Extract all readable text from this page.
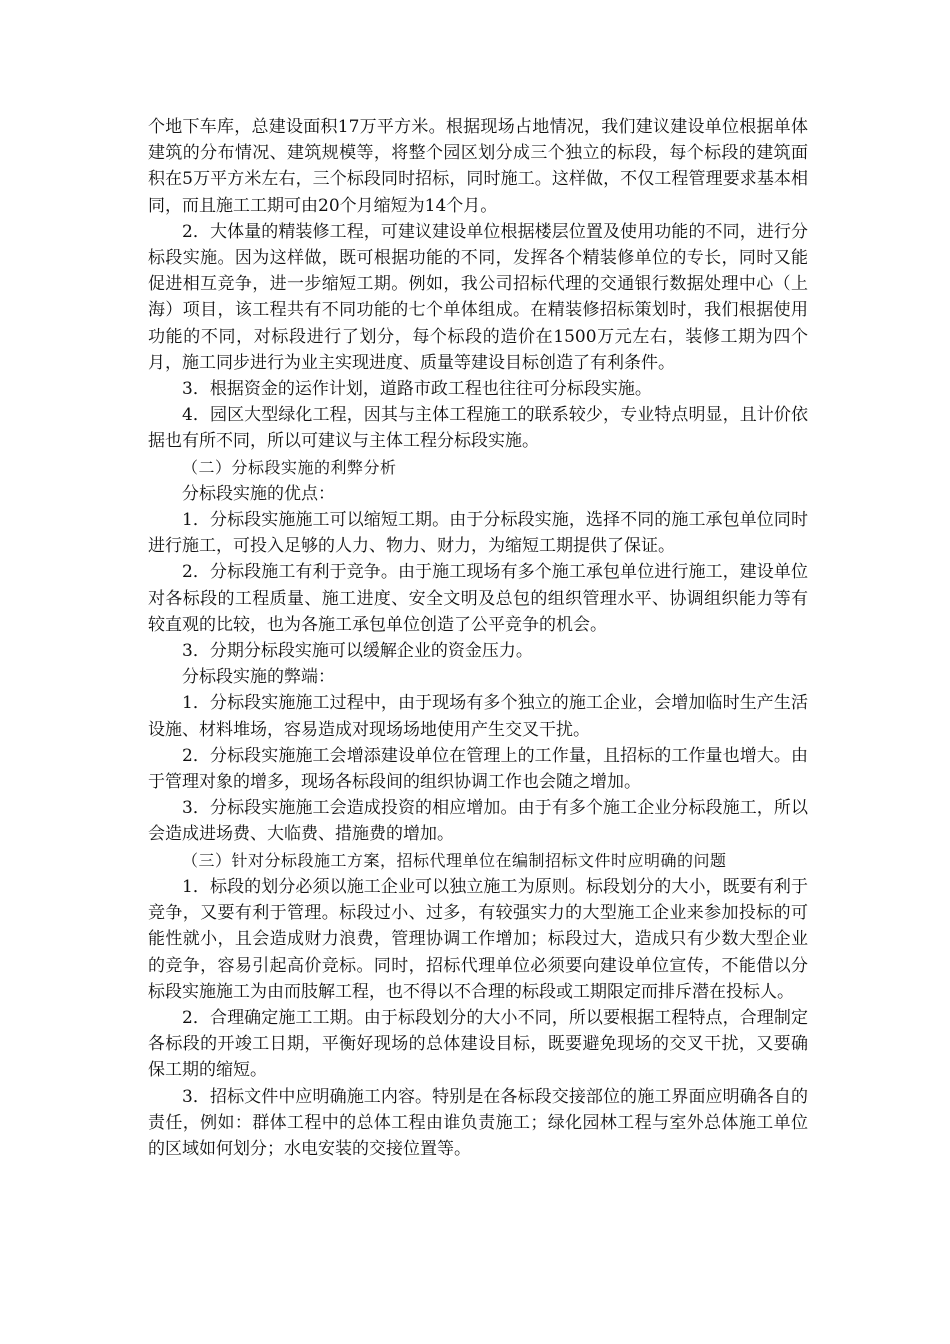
个地下车库，总建设面积17万平方米。根据现场占地情况，我们建议建设单位根据单体建筑的分布情况、建筑规模等，将整个园区划分成三个独立的标段，每个标段的建筑面积在5万平方米左右，三个标段同时招标，同时施工。这样做，不仅工程管理要求基本相同，而且施工工期可由20个月缩短为14个月。

2．大体量的精装修工程，可建议建设单位根据楼层位置及使用功能的不同，进行分标段实施。因为这样做，既可根据功能的不同，发挥各个精装修单位的专长，同时又能促进相互竞争，进一步缩短工期。例如，我公司招标代理的交通银行数据处理中心（上海）项目，该工程共有不同功能的七个单体组成。在精装修招标策划时，我们根据使用功能的不同，对标段进行了划分，每个标段的造价在1500万元左右，装修工期为四个月，施工同步进行为业主实现进度、质量等建设目标创造了有利条件。

3．根据资金的运作计划，道路市政工程也往往可分标段实施。

4．园区大型绿化工程，因其与主体工程施工的联系较少，专业特点明显，且计价依据也有所不同，所以可建议与主体工程分标段实施。

（二）分标段实施的利弊分析

分标段实施的优点：

1．分标段实施施工可以缩短工期。由于分标段实施，选择不同的施工承包单位同时进行施工，可投入足够的人力、物力、财力，为缩短工期提供了保证。

2．分标段施工有利于竞争。由于施工现场有多个施工承包单位进行施工，建设单位对各标段的工程质量、施工进度、安全文明及总包的组织管理水平、协调组织能力等有较直观的比较，也为各施工承包单位创造了公平竞争的机会。

3．分期分标段实施可以缓解企业的资金压力。

分标段实施的弊端：

1．分标段实施施工过程中，由于现场有多个独立的施工企业，会增加临时生产生活设施、材料堆场，容易造成对现场场地使用产生交叉干扰。

2．分标段实施施工会增添建设单位在管理上的工作量，且招标的工作量也增大。由于管理对象的增多，现场各标段间的组织协调工作也会随之增加。

3．分标段实施施工会造成投资的相应增加。由于有多个施工企业分标段施工，所以会造成进场费、大临费、措施费的增加。

（三）针对分标段施工方案，招标代理单位在编制招标文件时应明确的问题

1．标段的划分必须以施工企业可以独立施工为原则。标段划分的大小，既要有利于竞争，又要有利于管理。标段过小、过多，有较强实力的大型施工企业来参加投标的可能性就小，且会造成财力浪费，管理协调工作增加；标段过大，造成只有少数大型企业的竞争，容易引起高价竞标。同时，招标代理单位必须要向建设单位宣传，不能借以分标段实施施工为由而肢解工程，也不得以不合理的标段或工期限定而排斥潜在投标人。

2．合理确定施工工期。由于标段划分的大小不同，所以要根据工程特点，合理制定各标段的开竣工日期，平衡好现场的总体建设目标，既要避免现场的交叉干扰，又要确保工期的缩短。

3．招标文件中应明确施工内容。特别是在各标段交接部位的施工界面应明确各自的责任，例如：群体工程中的总体工程由谁负责施工；绿化园林工程与室外总体施工单位的区域如何划分；水电安装的交接位置等。
